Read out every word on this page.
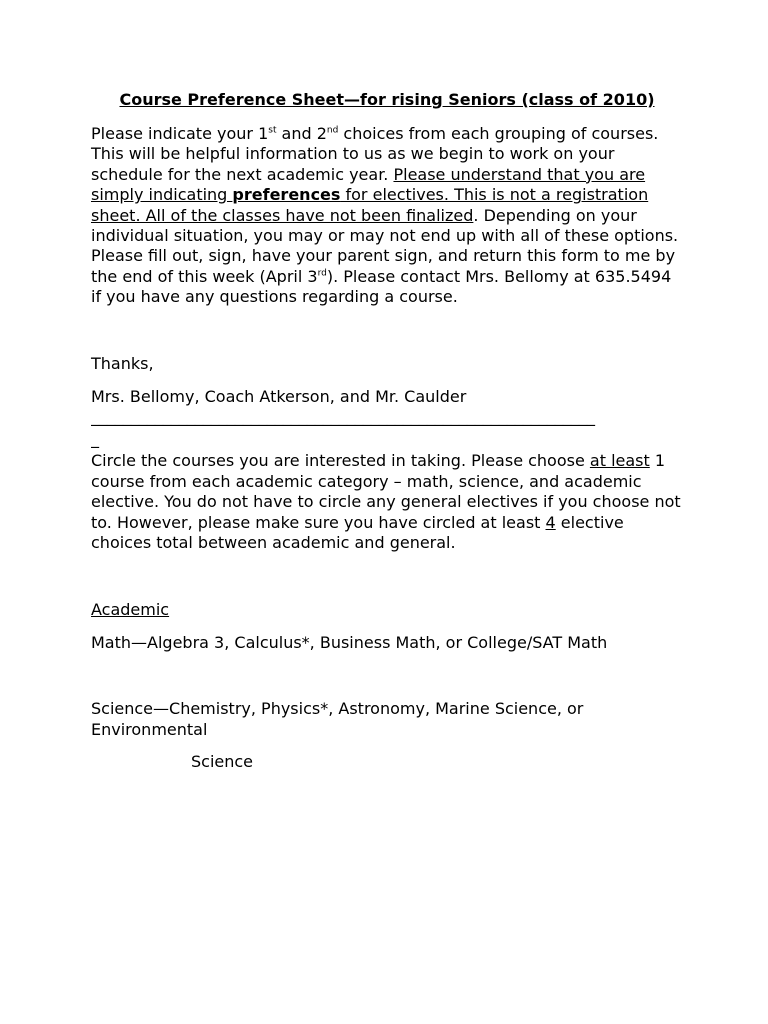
Course Preference Sheet—for rising Seniors (class of 2010)

Please indicate your 1st and 2nd choices from each grouping of courses. This will be helpful information to us as we begin to work on your schedule for the next academic year. Please understand that you are simply indicating preferences for electives. This is not a registration sheet. All of the classes have not been finalized. Depending on your individual situation, you may or may not end up with all of these options. Please fill out, sign, have your parent sign, and return this form to me by the end of this week (April 3rd). Please contact Mrs. Bellomy at 635.5494 if you have any questions regarding a course.

Thanks,

Mrs. Bellomy, Coach Atkerson, and Mr. Caulder

_______________________________________________________________
_

Circle the courses you are interested in taking. Please choose at least 1 course from each academic category – math, science, and academic elective. You do not have to circle any general electives if you choose not to. However, please make sure you have circled at least 4 elective choices total between academic and general.

Academic

Math—Algebra 3, Calculus*, Business Math, or College/SAT Math

Science—Chemistry, Physics*, Astronomy, Marine Science, or Environmental

Science
